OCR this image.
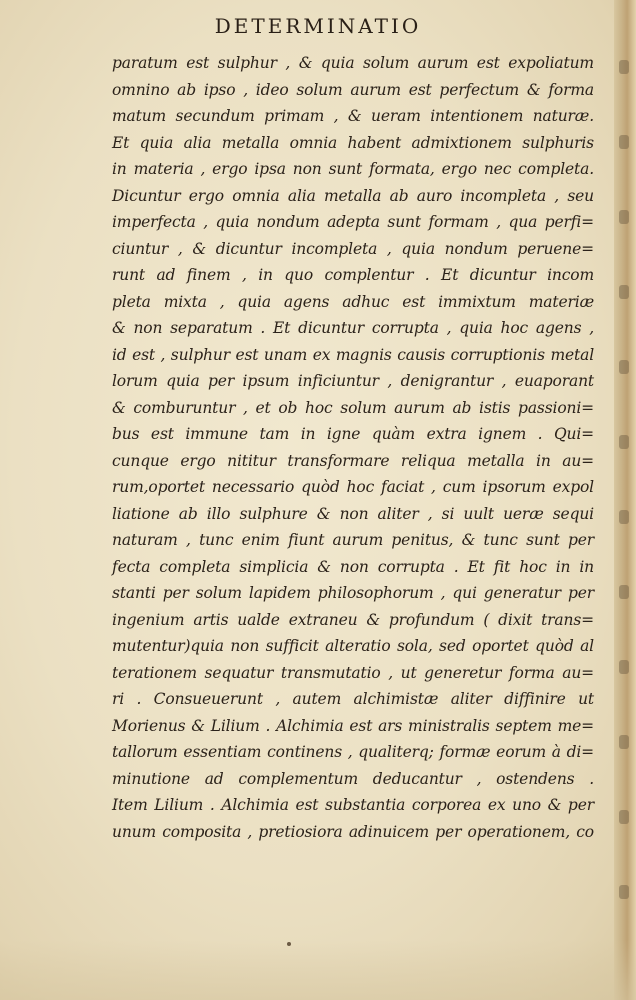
DETERMINATIO
paratum est sulphur , & quia solum aurum est expoliatum
omnino ab ipso , ideo solum aurum est perfectum & forma
matum secundum primam , & ueram intentionem naturæ.
Et quia alia metalla omnia habent admixtionem sulphuris
in materia , ergo ipsa non sunt formata, ergo nec completa.
Dicuntur ergo omnia alia metalla ab auro incompleta , seu
imperfecta , quia nondum adepta sunt formam , qua perfi=
ciuntur , & dicuntur incompleta , quia nondum peruene=
runt ad finem , in quo complentur . Et dicuntur incom
pleta mixta , quia agens adhuc est immixtum materiæ
& non separatum . Et dicuntur corrupta , quia hoc agens ,
id est , sulphur est unam ex magnis causis corruptionis metal
lorum quia per ipsum inficiuntur , denigrantur , euaporant
& comburuntur , et ob hoc solum aurum ab istis passioni=
bus est immune tam in igne quàm extra ignem . Qui=
cunque ergo nititur transformare reliqua metalla in au=
rum,oportet necessario quòd hoc faciat , cum ipsorum expol
liatione ab illo sulphure & non aliter , si uult ueræ sequi
naturam , tunc enim fiunt aurum penitus, & tunc sunt per
fecta completa simplicia & non corrupta . Et fit hoc in in
stanti per solum lapidem philosophorum , qui generatur per
ingenium artis ualde extraneu & profundum ( dixit trans=
mutentur)quia non sufficit alteratio sola, sed oportet quòd al
terationem sequatur transmutatio , ut generetur forma au=
ri . Consueuerunt , autem alchimistæ aliter diffinire ut
Morienus & Lilium . Alchimia est ars ministralis septem me=
tallorum essentiam continens , qualiterq; formæ eorum à di=
minutione ad complementum deducantur , ostendens .
Item Lilium . Alchimia est substantia corporea ex uno & per
unum composita , pretiosiora adinuicem per operationem, co
